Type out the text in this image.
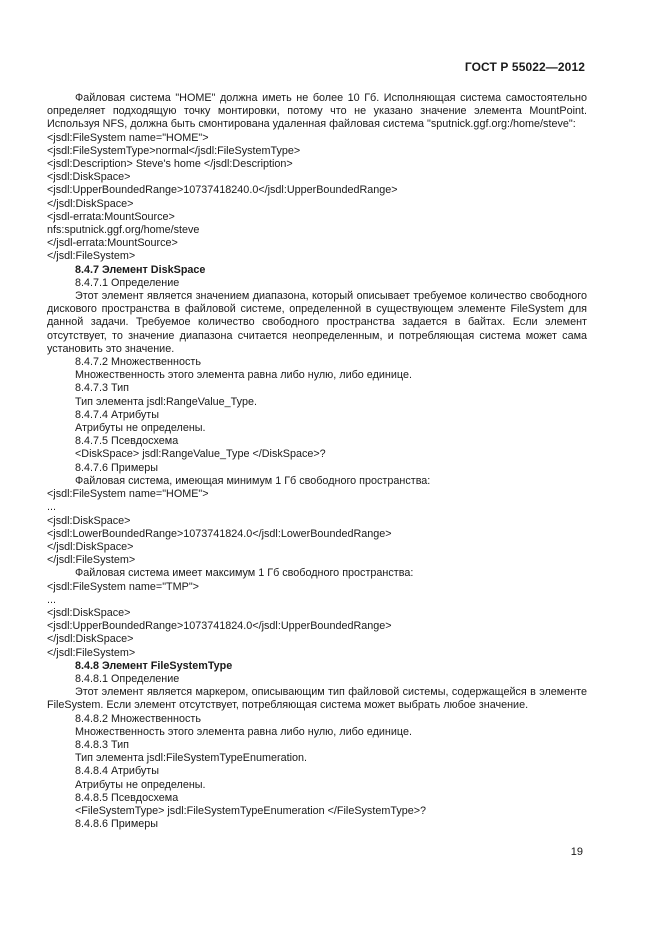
ГОСТ Р 55022—2012
Файловая система "HOME" должна иметь не более 10 Гб. Исполняющая система самостоятельно определяет подходящую точку монтировки, потому что не указано значение элемента MountPoint. Используя NFS, должна быть смонтирована удаленная файловая система "sputnick.ggf.org:/home/steve":
<jsdl:FileSystem name="HOME">
<jsdl:FileSystemType>normal</jsdl:FileSystemType>
<jsdl:Description> Steve's home </jsdl:Description>
<jsdl:DiskSpace>
<jsdl:UpperBoundedRange>10737418240.0</jsdl:UpperBoundedRange>
</jsdl:DiskSpace>
<jsdl-errata:MountSource>
nfs:sputnick.ggf.org/home/steve
</jsdl-errata:MountSource>
</jsdl:FileSystem>
8.4.7 Элемент DiskSpace
8.4.7.1 Определение
Этот элемент является значением диапазона, который описывает требуемое количество свободного дискового пространства в файловой системе, определенной в существующем элементе FileSystem для данной задачи. Требуемое количество свободного пространства задается в байтах. Если элемент отсутствует, то значение диапазона считается неопределенным, и потребляющая система может сама установить это значение.
8.4.7.2 Множественность
Множественность этого элемента равна либо нулю, либо единице.
8.4.7.3 Тип
Тип элемента jsdl:RangeValue_Type.
8.4.7.4 Атрибуты
Атрибуты не определены.
8.4.7.5 Псевдосхема
<DiskSpace> jsdl:RangeValue_Type </DiskSpace>?
8.4.7.6 Примеры
Файловая система, имеющая минимум 1 Гб свободного пространства:
<jsdl:FileSystem name="HOME">
...
<jsdl:DiskSpace>
<jsdl:LowerBoundedRange>1073741824.0</jsdl:LowerBoundedRange>
</jsdl:DiskSpace>
</jsdl:FileSystem>
Файловая система имеет максимум 1 Гб свободного пространства:
<jsdl:FileSystem name="TMP">
...
<jsdl:DiskSpace>
<jsdl:UpperBoundedRange>1073741824.0</jsdl:UpperBoundedRange>
</jsdl:DiskSpace>
</jsdl:FileSystem>
8.4.8 Элемент FileSystemType
8.4.8.1 Определение
Этот элемент является маркером, описывающим тип файловой системы, содержащейся в элементе FileSystem. Если элемент отсутствует, потребляющая система может выбрать любое значение.
8.4.8.2 Множественность
Множественность этого элемента равна либо нулю, либо единице.
8.4.8.3 Тип
Тип элемента jsdl:FileSystemTypeEnumeration.
8.4.8.4 Атрибуты
Атрибуты не определены.
8.4.8.5 Псевдосхема
<FileSystemType> jsdl:FileSystemTypeEnumeration </FileSystemType>?
8.4.8.6 Примеры
19
